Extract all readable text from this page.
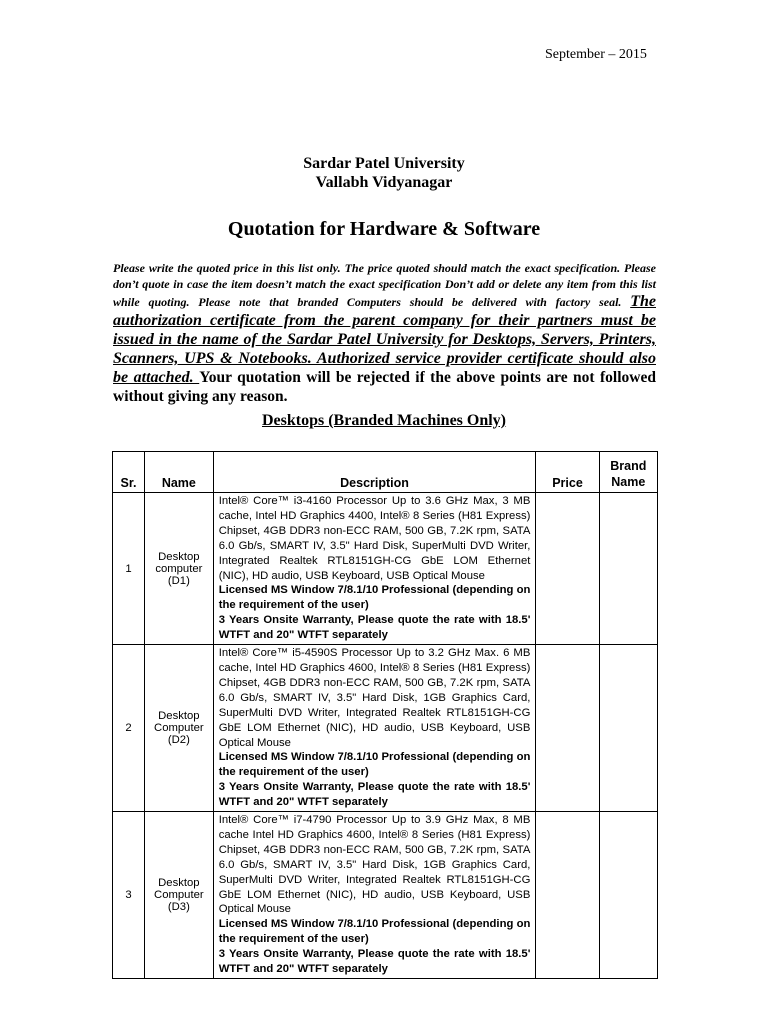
September – 2015
Sardar Patel University
Vallabh Vidyanagar
Quotation for Hardware & Software
Please write the quoted price in this list only. The price quoted should match the exact specification. Please don’t quote in case the item doesn’t match the exact specification Don’t add or delete any item from this list while quoting. Please note that branded Computers should be delivered with factory seal. The authorization certificate from the parent company for their partners must be issued in the name of the Sardar Patel University for Desktops, Servers, Printers, Scanners, UPS & Notebooks. Authorized service provider certificate should also be attached. Your quotation will be rejected if the above points are not followed without giving any reason.
Desktops (Branded Machines Only)
Sr.	Name	Description	Price	Brand Name
1	Desktop computer (D1)	Intel® Core™ i3-4160 Processor Up to 3.6 GHz Max, 3 MB cache, Intel HD Graphics 4400, Intel® 8 Series (H81 Express) Chipset, 4GB DDR3 non-ECC RAM, 500 GB, 7.2K rpm, SATA 6.0 Gb/s, SMART IV, 3.5" Hard Disk, SuperMulti DVD Writer, Integrated Realtek RTL8151GH-CG GbE LOM Ethernet (NIC), HD audio, USB Keyboard, USB Optical Mouse
Licensed MS Window 7/8.1/10 Professional (depending on the requirement of the user)
3 Years Onsite Warranty, Please quote the rate with 18.5' WTFT and 20" WTFT separately		

2	Desktop Computer (D2)	Intel® Core™ i5-4590S Processor Up to 3.2 GHz Max. 6 MB cache, Intel HD Graphics 4600, Intel® 8 Series (H81 Express) Chipset, 4GB DDR3 non-ECC RAM, 500 GB, 7.2K rpm, SATA 6.0 Gb/s, SMART IV, 3.5" Hard Disk, 1GB Graphics Card, SuperMulti DVD Writer, Integrated Realtek RTL8151GH-CG GbE LOM Ethernet (NIC), HD audio, USB Keyboard, USB Optical Mouse
Licensed MS Window 7/8.1/10 Professional (depending on the requirement of the user)
3 Years Onsite Warranty, Please quote the rate with 18.5' WTFT and 20" WTFT separately		

3	Desktop Computer (D3)	Intel® Core™ i7-4790 Processor Up to 3.9 GHz Max, 8 MB cache Intel HD Graphics 4600, Intel® 8 Series (H81 Express) Chipset, 4GB DDR3 non-ECC RAM, 500 GB, 7.2K rpm, SATA 6.0 Gb/s, SMART IV, 3.5" Hard Disk, 1GB Graphics Card, SuperMulti DVD Writer, Integrated Realtek RTL8151GH-CG GbE LOM Ethernet (NIC), HD audio, USB Keyboard, USB Optical Mouse
Licensed MS Window 7/8.1/10 Professional (depending on the requirement of the user)
3 Years Onsite Warranty, Please quote the rate with 18.5' WTFT and 20" WTFT separately		
